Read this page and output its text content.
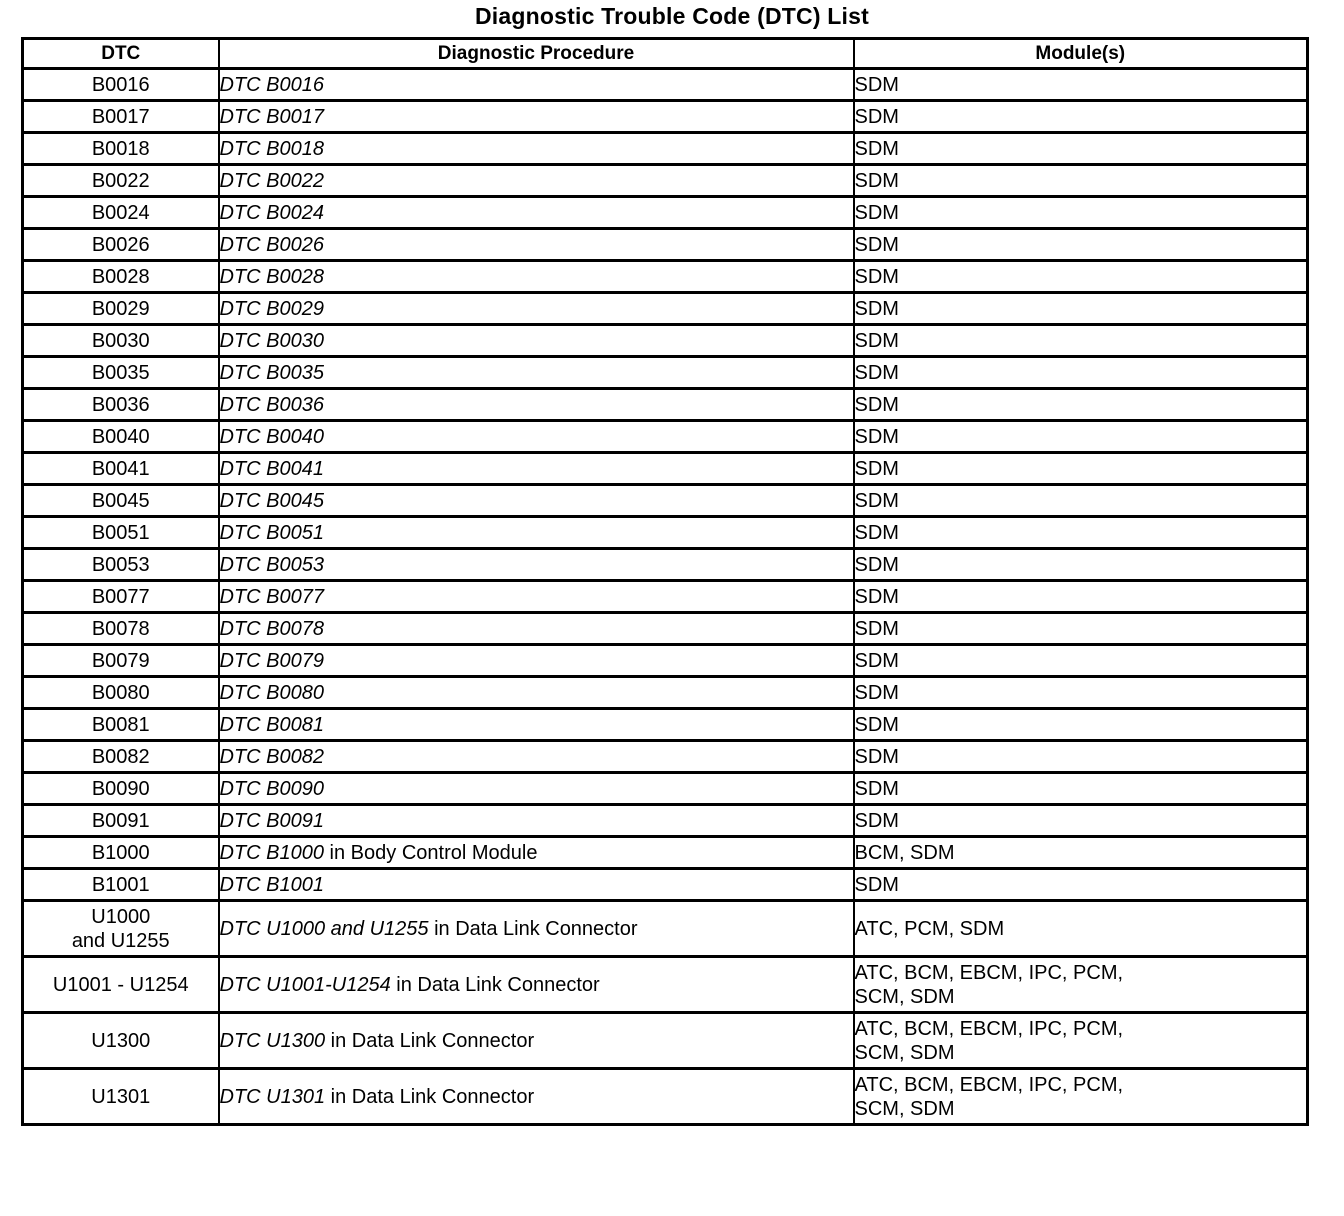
Diagnostic Trouble Code (DTC) List
DTC	Diagnostic Procedure	Module(s)
B0016	DTC B0016	SDM
B0017	DTC B0017	SDM
B0018	DTC B0018	SDM
B0022	DTC B0022	SDM
B0024	DTC B0024	SDM
B0026	DTC B0026	SDM
B0028	DTC B0028	SDM
B0029	DTC B0029	SDM
B0030	DTC B0030	SDM
B0035	DTC B0035	SDM
B0036	DTC B0036	SDM
B0040	DTC B0040	SDM
B0041	DTC B0041	SDM
B0045	DTC B0045	SDM
B0051	DTC B0051	SDM
B0053	DTC B0053	SDM
B0077	DTC B0077	SDM
B0078	DTC B0078	SDM
B0079	DTC B0079	SDM
B0080	DTC B0080	SDM
B0081	DTC B0081	SDM
B0082	DTC B0082	SDM
B0090	DTC B0090	SDM
B0091	DTC B0091	SDM
B1000	DTC B1000 in Body Control Module	BCM, SDM
B1001	DTC B1001	SDM
U1000
and U1255	DTC U1000 and U1255 in Data Link Connector	ATC, PCM, SDM
U1001 - U1254	DTC U1001-U1254 in Data Link Connector	ATC, BCM, EBCM, IPC, PCM,
SCM, SDM
U1300	DTC U1300 in Data Link Connector	ATC, BCM, EBCM, IPC, PCM,
SCM, SDM
U1301	DTC U1301 in Data Link Connector	ATC, BCM, EBCM, IPC, PCM,
SCM, SDM
